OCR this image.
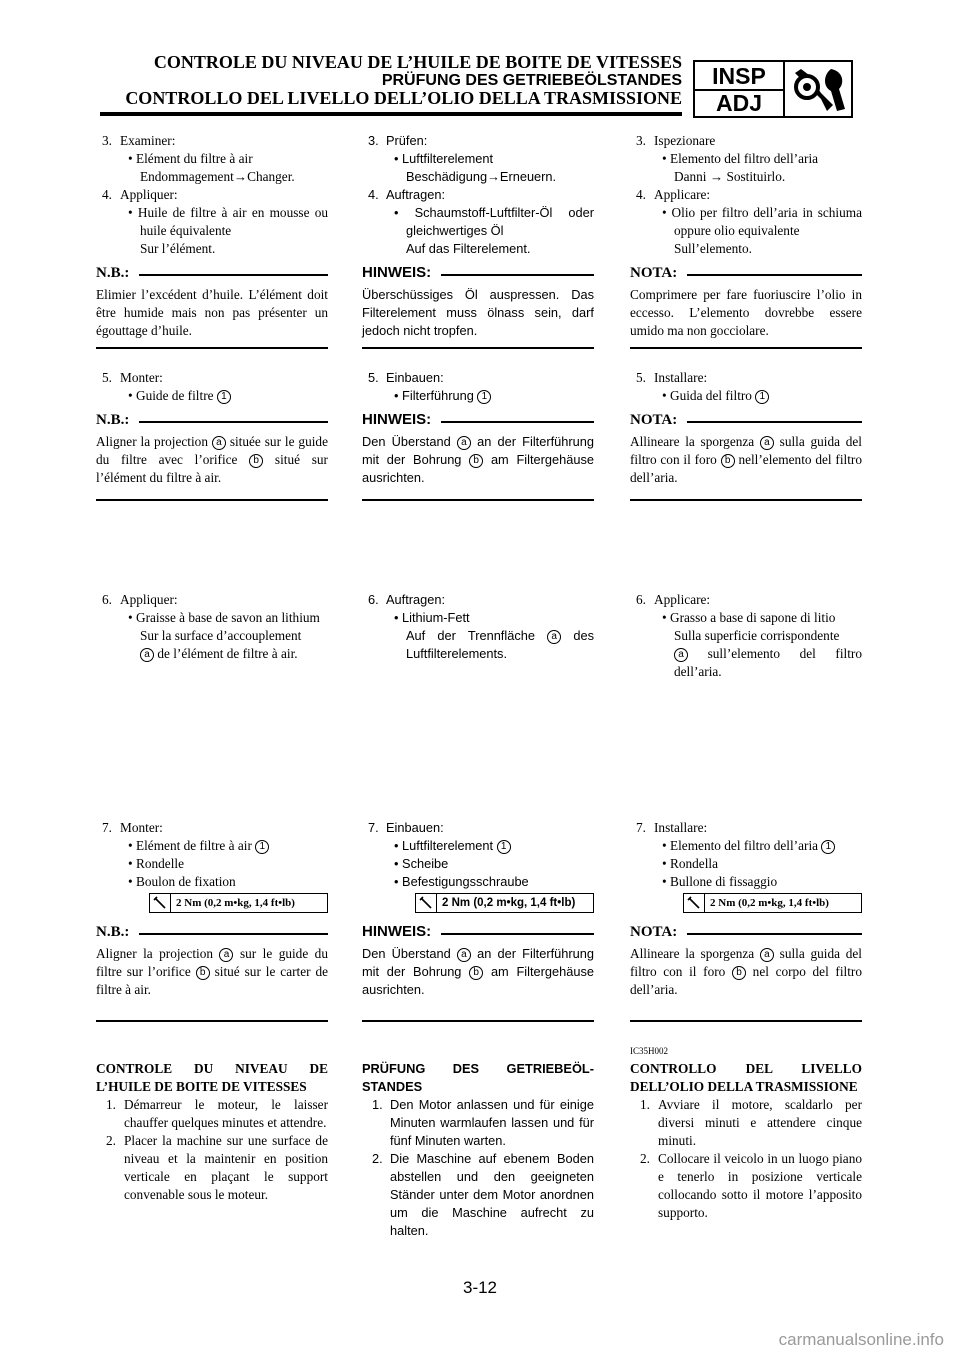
CONTROLE DU NIVEAU DE L’HUILE DE BOITE DE VITESSES
PRÜFUNG DES GETRIEBEÖLSTANDES
CONTROLLO DEL LIVELLO DELL’OLIO DELLA TRASMISSIONE
INSP
ADJ
3. Examiner:
• Elément du filtre à air
Endommagement→Changer.
4. Appliquer:
• Huile de filtre à air en mousse ou huile équivalente
Sur l’élément.
N.B.:
Elimier l’excédent d’huile. L’élément doit être humide mais non pas présenter un égouttage d’huile.
5. Monter:
• Guide de filtre 1
N.B.:
Aligner la projection a située sur le guide du filtre avec l’orifice b situé sur l’élément du filtre à air.
6. Appliquer:
• Graisse à base de savon an lithium
Sur la surface d’accouplement
a de l’élément de filtre à air.
7. Monter:
• Elément de filtre à air 1
• Rondelle
• Boulon de fixation
2 Nm (0,2 m•kg, 1,4 ft•lb)
N.B.:
Aligner la projection a sur le guide du filtre sur l’orifice b situé sur le carter de filtre à air.
CONTROLE DU NIVEAU DE L’HUILE DE BOITE DE VITESSES
1. Démarreur le moteur, le laisser chauffer quelques minutes et attendre.
2. Placer la machine sur une surface de niveau et la maintenir en position verticale en plaçant le support convenable sous le moteur.
3. Prüfen:
• Luftfilterelement
Beschädigung→Erneuern.
4. Auftragen:
• Schaumstoff-Luftfilter-Öl oder gleichwertiges Öl
Auf das Filterelement.
HINWEIS:
Überschüssiges Öl auspressen. Das Filterelement muss ölnass sein, darf jedoch nicht tropfen.
5. Einbauen:
• Filterführung 1
HINWEIS:
Den Überstand a an der Filterführung mit der Bohrung b am Filtergehäuse ausrichten.
6. Auftragen:
• Lithium-Fett
Auf der Trennfläche a des Luftfilterelements.
7. Einbauen:
• Luftfilterelement 1
• Scheibe
• Befestigungsschraube
2 Nm (0,2 m•kg, 1,4 ft•lb)
HINWEIS:
Den Überstand a an der Filterführung mit der Bohrung b am Filtergehäuse ausrichten.
PRÜFUNG DES GETRIEBEÖL-STANDES
1. Den Motor anlassen und für einige Minuten warmlaufen lassen und für fünf Minuten warten.
2. Die Maschine auf ebenem Boden abstellen und den geeigneten Ständer unter dem Motor anordnen um die Maschine aufrecht zu halten.
3. Ispezionare
• Elemento del filtro dell’aria
Danni → Sostituirlo.
4. Applicare:
• Olio per filtro dell’aria in schiuma oppure olio equivalente
Sull’elemento.
NOTA:
Comprimere per fare fuoriuscire l’olio in eccesso. L’elemento dovrebbe essere umido ma non gocciolare.
5. Installare:
• Guida del filtro 1
NOTA:
Allineare la sporgenza a sulla guida del filtro con il foro b nell’elemento del filtro dell’aria.
6. Applicare:
• Grasso a base di sapone di litio
Sulla superficie corrispondente
a sull’elemento del filtro dell’aria.
7. Installare:
• Elemento del filtro dell’aria 1
• Rondella
• Bullone di fissaggio
2 Nm (0,2 m•kg, 1,4 ft•lb)
NOTA:
Allineare la sporgenza a sulla guida del filtro con il foro b nel corpo del filtro dell’aria.
IC35H002
CONTROLLO DEL LIVELLO DELL’OLIO DELLA TRASMISSIONE
1. Avviare il motore, scaldarlo per diversi minuti e attendere cinque minuti.
2. Collocare il veicolo in un luogo piano e tenerlo in posizione verticale collocando sotto il motore l’apposito supporto.
3-12
carmanualsonline.info
